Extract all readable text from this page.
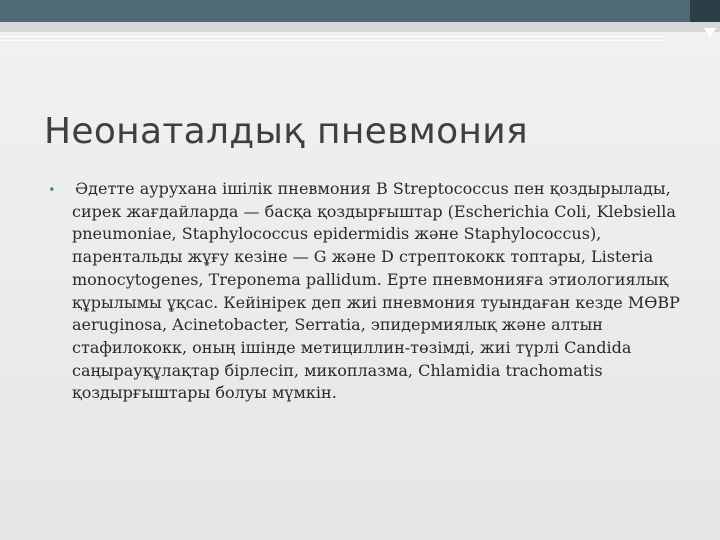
Неонаталдық пневмония
• Әдетте аурухана ішілік пневмония B Streptococcus пен қоздырылады, сирек жағдайларда — басқа қоздырғыштар (Escherichia Coli, Klebsiella pneumoniae, Staphylococcus epidermidis және Staphylococcus), парентальды жұғу кезіне — G және D стрептококк топтары, Listeria monocytogenes, Treponema pallidum. Ерте пневмонияға этиологиялық құрылымы ұқсас. Кейінірек деп жиі пневмония туындаған кезде МӨВР aeruginosa, Acinetobacter, Serratia, эпидермиялық және алтын стафилококк, оның ішінде метициллин-төзімді, жиі түрлі Candida саңырауқұлақтар бірлесіп, микоплазма, Chlamidia trachomatis қоздырғыштары болуы мүмкін.
